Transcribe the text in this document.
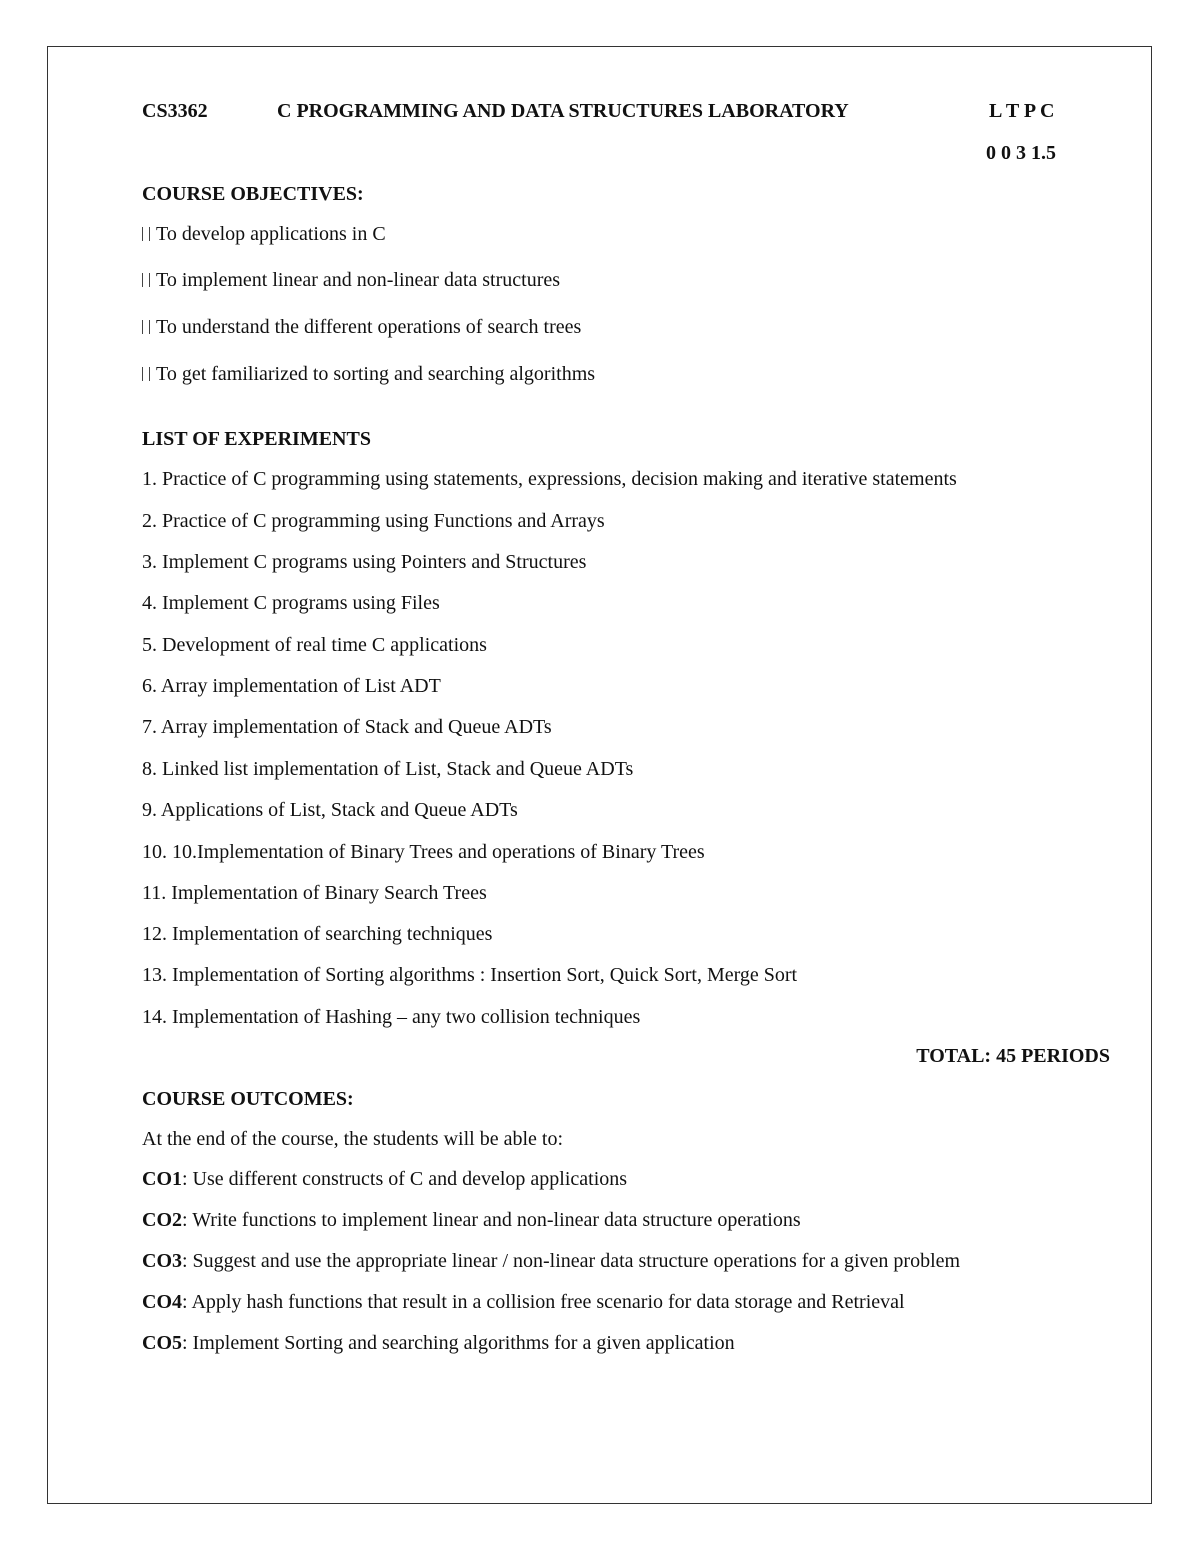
CS3362	C PROGRAMMING AND DATA STRUCTURES LABORATORY	L T P C
0 0 3 1.5
COURSE OBJECTIVES:
To develop applications in C
To implement linear and non-linear data structures
To understand the different operations of search trees
To get familiarized to sorting and searching algorithms
LIST OF EXPERIMENTS
1. Practice of C programming using statements, expressions, decision making and iterative statements
2. Practice of C programming using Functions and Arrays
3. Implement C programs using Pointers and Structures
4. Implement C programs using Files
5. Development of real time C applications
6. Array implementation of List ADT
7. Array implementation of Stack and Queue ADTs
8. Linked list implementation of List, Stack and Queue ADTs
9. Applications of List, Stack and Queue ADTs
10. 10.Implementation of Binary Trees and operations of Binary Trees
11. Implementation of Binary Search Trees
12. Implementation of searching techniques
13. Implementation of Sorting algorithms : Insertion Sort, Quick Sort, Merge Sort
14. Implementation of Hashing – any two collision techniques
TOTAL: 45 PERIODS
COURSE OUTCOMES:
At the end of the course, the students will be able to:
CO1: Use different constructs of C and develop applications
CO2: Write functions to implement linear and non-linear data structure operations
CO3: Suggest and use the appropriate linear / non-linear data structure operations for a given problem
CO4: Apply hash functions that result in a collision free scenario for data storage and Retrieval
CO5: Implement Sorting and searching algorithms for a given application
